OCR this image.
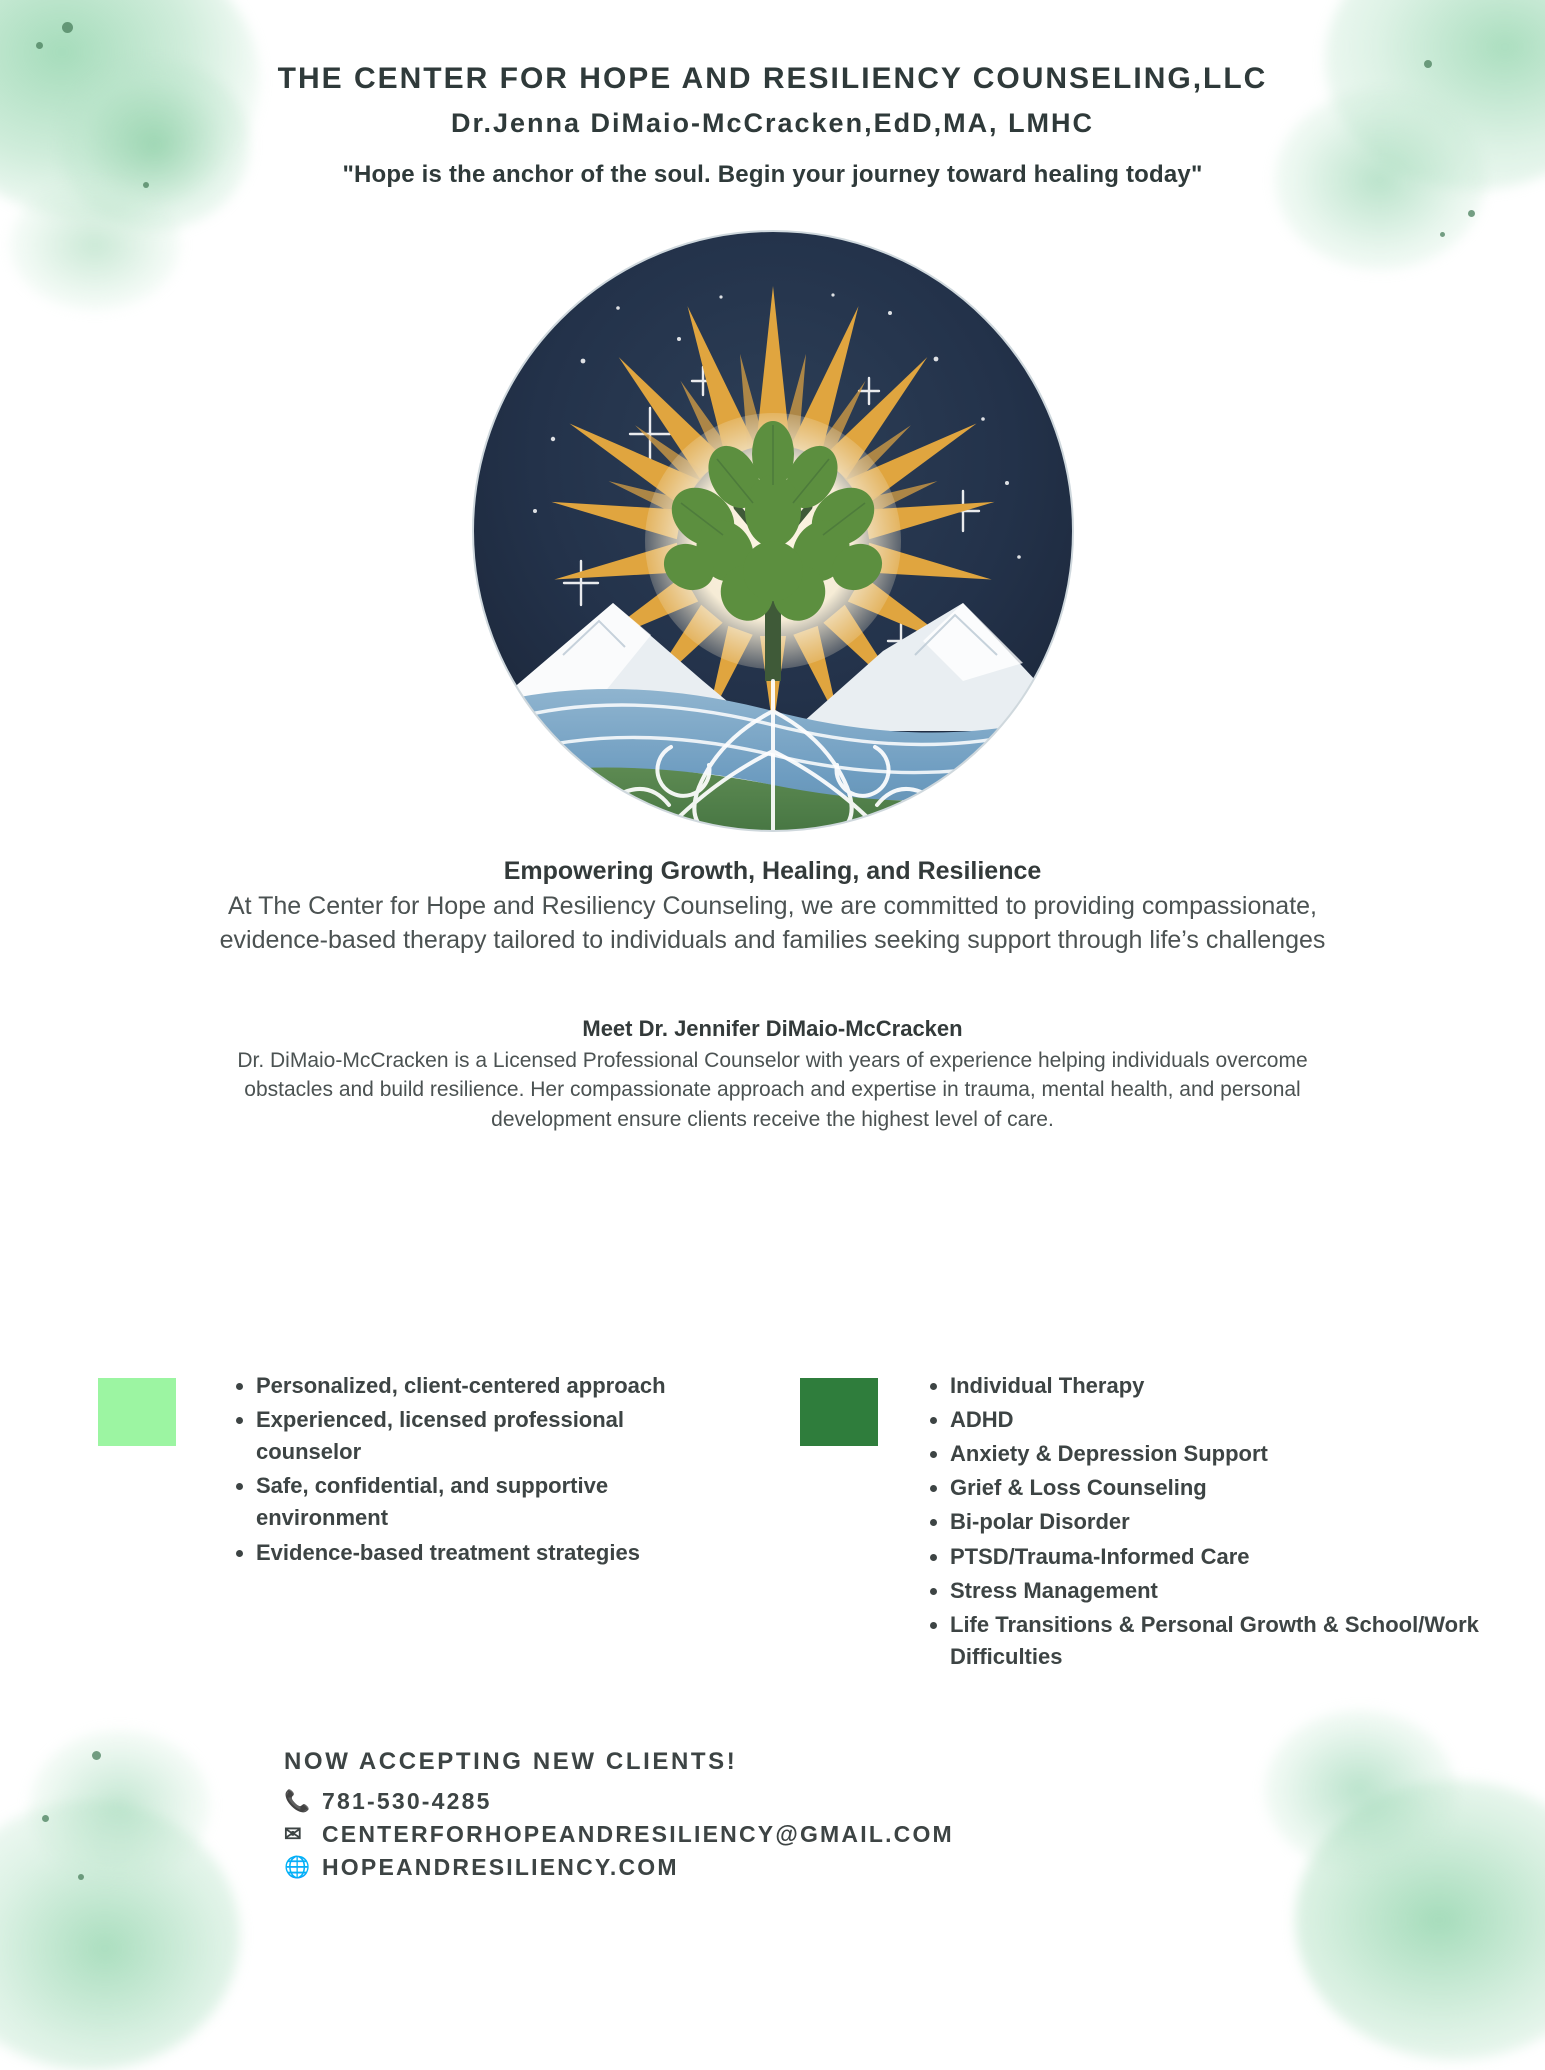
THE CENTER FOR HOPE AND RESILIENCY COUNSELING,LLC
Dr.Jenna DiMaio-McCracken,EdD,MA, LMHC

"Hope is the anchor of the soul. Begin your journey toward healing today"

Empowering Growth, Healing, and Resilience
At The Center for Hope and Resiliency Counseling, we are committed to providing compassionate, evidence-based therapy tailored to individuals and families seeking support through life’s challenges
Meet Dr. Jennifer DiMaio-McCracken
Dr. DiMaio-McCracken is a Licensed Professional Counselor with years of experience helping individuals overcome obstacles and build resilience. Her compassionate approach and expertise in trauma, mental health, and personal development ensure clients receive the highest level of care.
• Personalized, client-centered approach
• Experienced, licensed professional counselor
• Safe, confidential, and supportive environment
• Evidence-based treatment strategies
• Individual Therapy
• ADHD
• Anxiety & Depression Support
• Grief & Loss Counseling
• Bi-polar Disorder
• PTSD/Trauma-Informed Care
• Stress Management
• Life Transitions & Personal Growth & School/Work Difficulties
NOW ACCEPTING NEW CLIENTS!
📞 781-530-4285
✉ CENTERFORHOPEANDRESILIENCY@GMAIL.COM
🌐 HOPEANDRESILIENCY.COM
